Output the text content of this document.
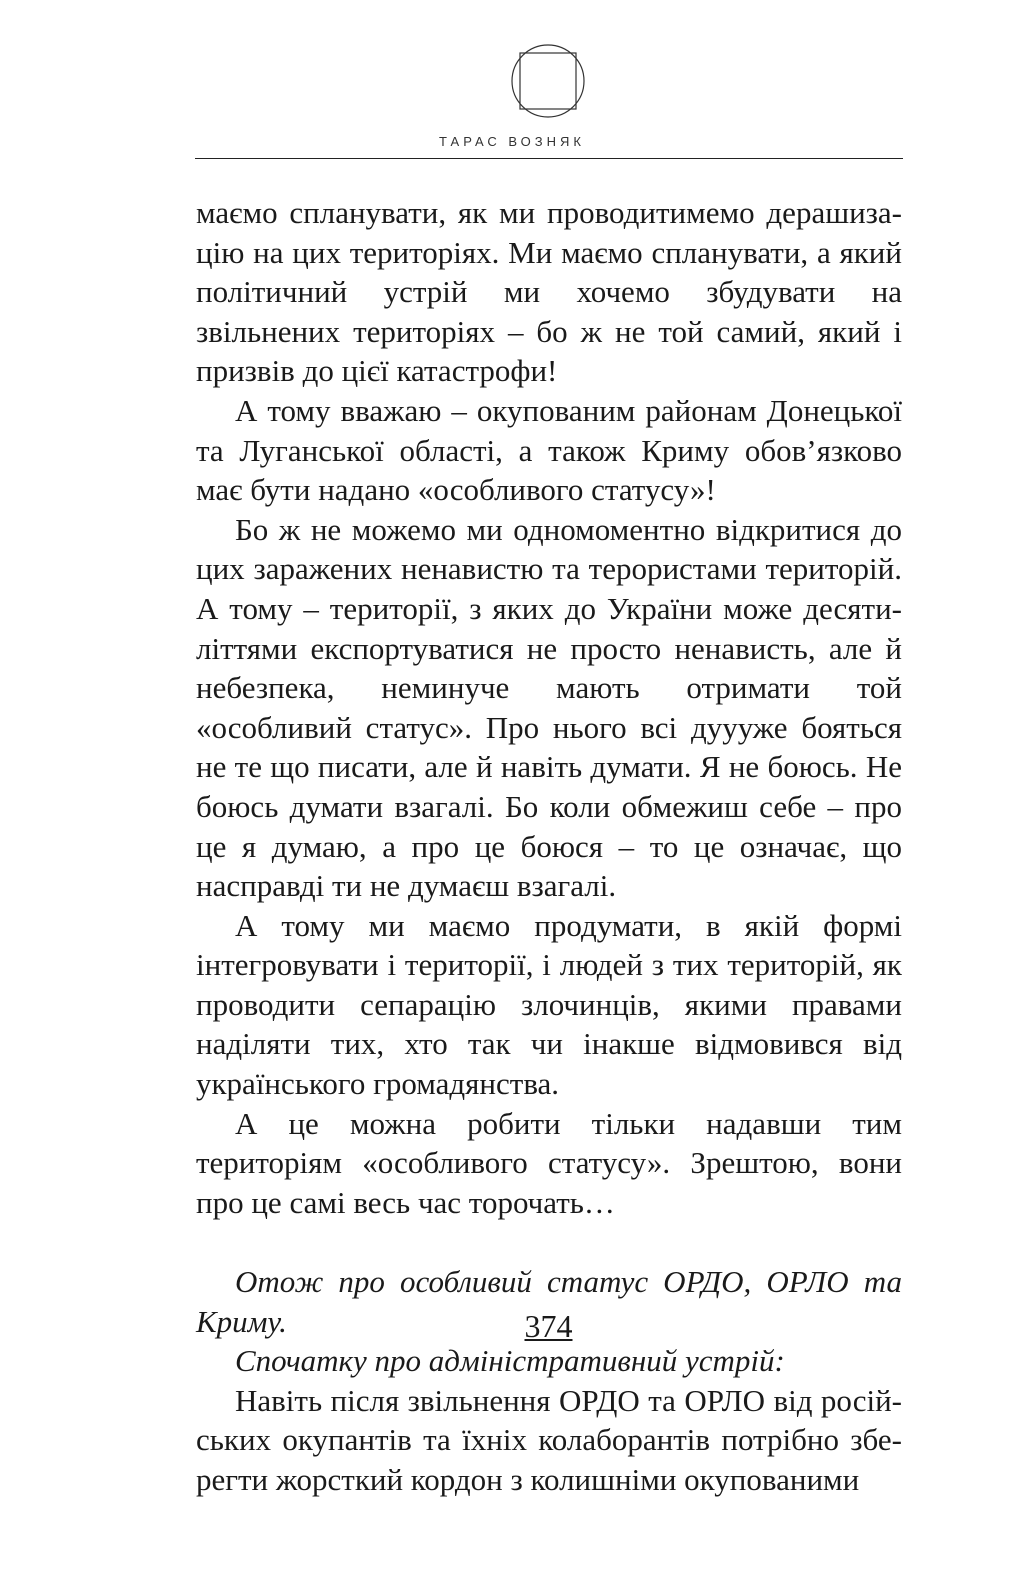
ТАРАС ВОЗНЯК

маємо спланувати, як ми проводитимемо дерашизацію на цих територіях. Ми маємо спланувати, а який політичний устрій ми хочемо збудувати на звільнених територіях – бо ж не той самий, який і призвів до цієї катастрофи!

А тому вважаю – окупованим районам Донецької та Луганської області, а також Криму обов’язково має бути надано «особливого статусу»!

Бо ж не можемо ми одномоментно відкритися до цих заражених ненавистю та терористами територій. А тому – території, з яких до України може десятиліттями експортуватися не просто ненависть, але й небезпека, неминуче мають отримати той «особливий статус». Про нього всі дуууже бояться не те що писати, але й навіть думати. Я не боюсь. Не боюсь думати взагалі. Бо коли обмежиш себе – про це я думаю, а про це боюся – то це означає, що насправді ти не думаєш взагалі.

А тому ми маємо продумати, в якій формі інтегровувати і території, і людей з тих територій, як проводити сепарацію злочинців, якими правами наділяти тих, хто так чи інакше відмовився від українського громадянства.

А це можна робити тільки надавши тим територіям «особливого статусу». Зрештою, вони про це самі весь час торочать…

Отож про особливий статус ОРДО, ОРЛО та Криму.

Спочатку про адміністративний устрій:

Навіть після звільнення ОРДО та ОРЛО від російських окупантів та їхніх колаборантів потрібно зберегти жорсткий кордон з колишніми окупованими

374
